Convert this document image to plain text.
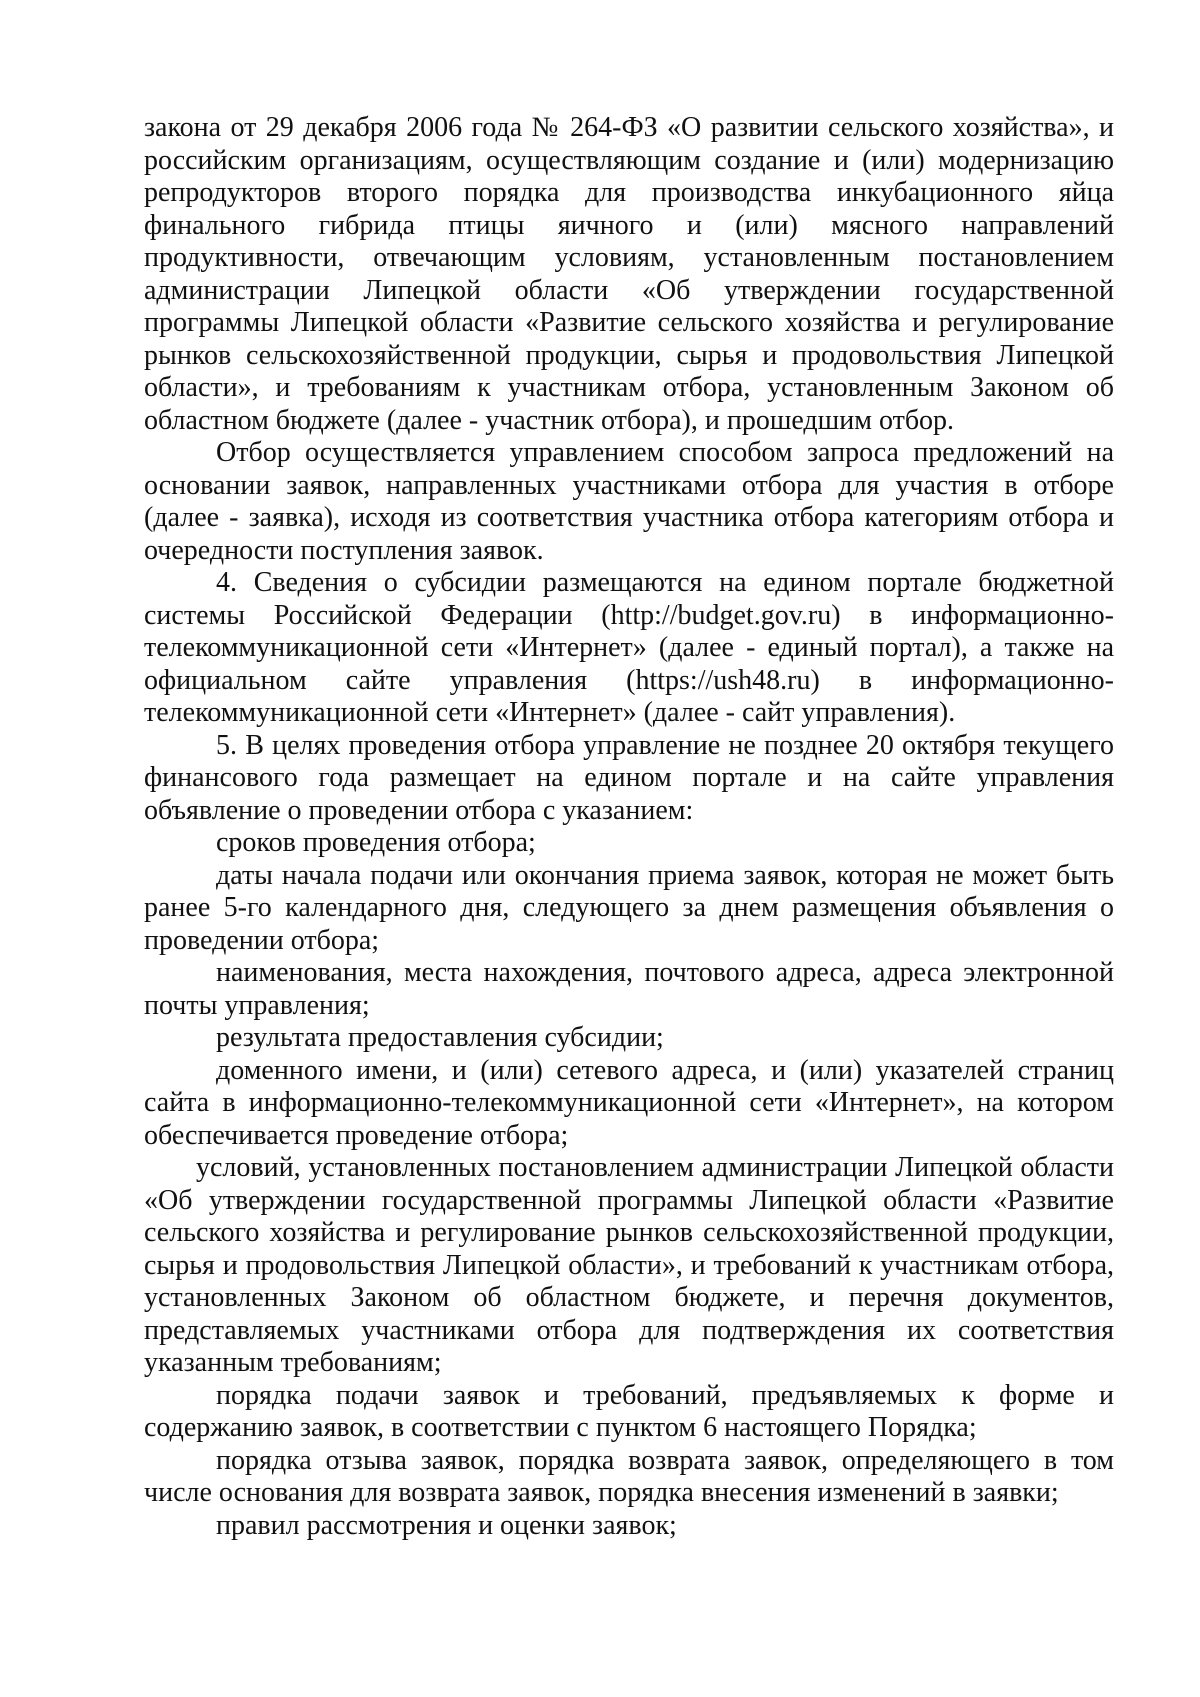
закона от 29 декабря 2006 года № 264-ФЗ «О развитии сельского хозяйства», и российским организациям, осуществляющим создание и (или) модернизацию репродукторов второго порядка для производства инкубационного яйца финального гибрида птицы яичного и (или) мясного направлений продуктивности, отвечающим условиям, установленным постановлением администрации Липецкой области «Об утверждении государственной программы Липецкой области «Развитие сельского хозяйства и регулирование рынков сельскохозяйственной продукции, сырья и продовольствия Липецкой области», и требованиям к участникам отбора, установленным Законом об областном бюджете (далее - участник отбора), и прошедшим отбор.

Отбор осуществляется управлением способом запроса предложений на основании заявок, направленных участниками отбора для участия в отборе (далее - заявка), исходя из соответствия участника отбора категориям отбора и очередности поступления заявок.

4. Сведения о субсидии размещаются на едином портале бюджетной системы Российской Федерации (http://budget.gov.ru) в информационно-телекоммуникационной сети «Интернет» (далее - единый портал), а также на официальном сайте управления (https://ush48.ru) в информационно-телекоммуникационной сети «Интернет» (далее - сайт управления).

5. В целях проведения отбора управление не позднее 20 октября текущего финансового года размещает на едином портале и на сайте управления объявление о проведении отбора с указанием:

сроков проведения отбора;

даты начала подачи или окончания приема заявок, которая не может быть ранее 5-го календарного дня, следующего за днем размещения объявления о проведении отбора;

наименования, места нахождения, почтового адреса, адреса электронной почты управления;

результата предоставления субсидии;

доменного имени, и (или) сетевого адреса, и (или) указателей страниц сайта в информационно-телекоммуникационной сети «Интернет», на котором обеспечивается проведение отбора;

условий, установленных постановлением администрации Липецкой области «Об утверждении государственной программы Липецкой области «Развитие сельского хозяйства и регулирование рынков сельскохозяйственной продукции, сырья и продовольствия Липецкой области», и требований к участникам отбора, установленных Законом об областном бюджете, и перечня документов, представляемых участниками отбора для подтверждения их соответствия указанным требованиям;

порядка подачи заявок и требований, предъявляемых к форме и содержанию заявок, в соответствии с пунктом 6 настоящего Порядка;

порядка отзыва заявок, порядка возврата заявок, определяющего в том числе основания для возврата заявок, порядка внесения изменений в заявки;

правил рассмотрения и оценки заявок;
